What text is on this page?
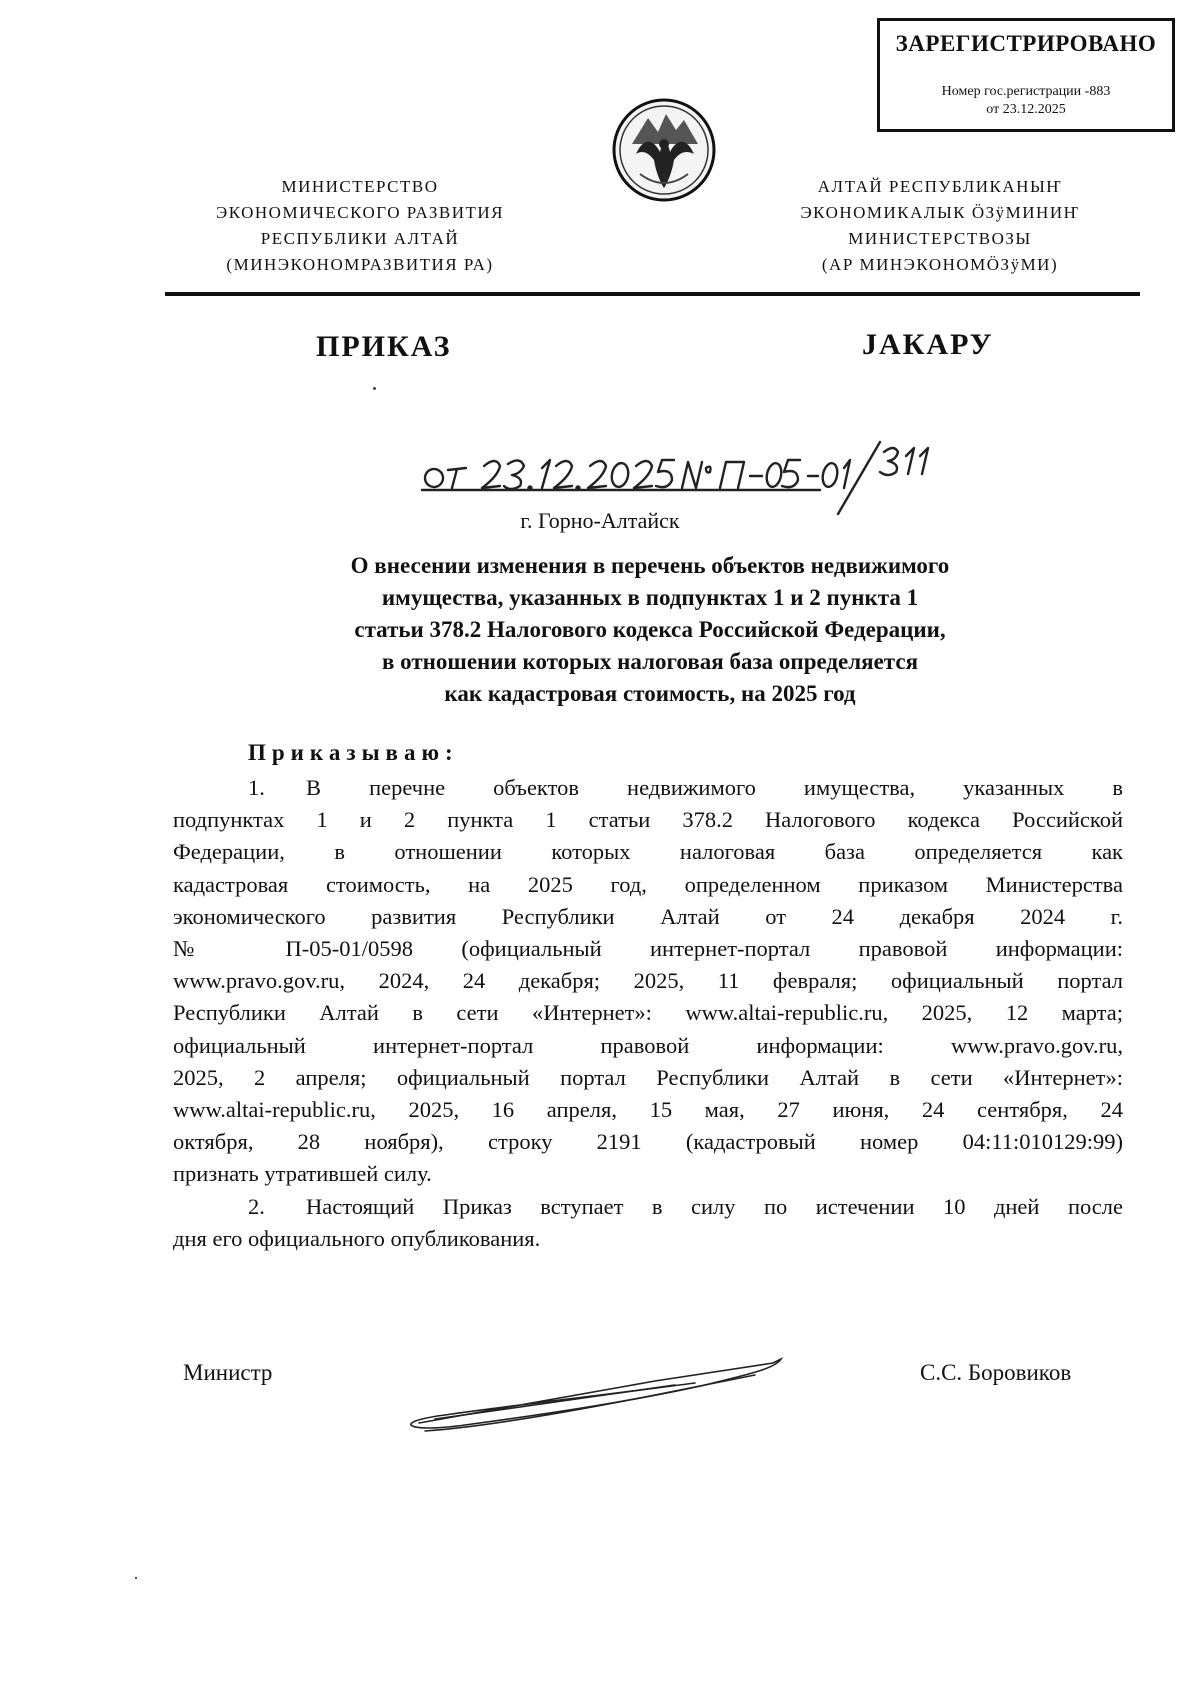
ЗАРЕГИСТРИРОВАНО
Номер гос.регистрации -883
от 23.12.2025
МИНИСТЕРСТВО
ЭКОНОМИЧЕСКОГО РАЗВИТИЯ
РЕСПУБЛИКИ АЛТАЙ
(МИНЭКОНОМРАЗВИТИЯ РА)
АЛТАЙ РЕСПУБЛИКАНЫҤ
ЭКОНОМИКАЛЫК ÖЗÿМИНИҤ
МИНИСТЕРСТВОЗЫ
(АР МИНЭКОНОМÖЗÿМИ)
ПРИКАЗ	ЈАКАРУ
г. Горно-Алтайск
О внесении изменения в перечень объектов недвижимого
имущества, указанных в подпунктах 1 и 2 пункта 1
статьи 378.2 Налогового кодекса Российской Федерации,
в отношении которых налоговая база определяется
как кадастровая стоимость, на 2025 год
Приказываю:
1. В перечне объектов недвижимого имущества, указанных в
подпунктах 1 и 2 пункта 1 статьи 378.2 Налогового кодекса Российской
Федерации, в отношении которых налоговая база определяется как
кадастровая стоимость, на 2025 год, определенном приказом Министерства
экономического развития Республики Алтай от 24 декабря 2024 г.
№ П-05-01/0598 (официальный интернет-портал правовой информации:
www.pravo.gov.ru, 2024, 24 декабря; 2025, 11 февраля; официальный портал
Республики Алтай в сети «Интернет»: www.altai-republic.ru, 2025, 12 марта;
официальный интернет-портал правовой информации: www.pravo.gov.ru,
2025, 2 апреля; официальный портал Республики Алтай в сети «Интернет»:
www.altai-republic.ru, 2025, 16 апреля, 15 мая, 27 июня, 24 сентября, 24
октября, 28 ноября), строку 2191 (кадастровый номер 04:11:010129:99)
признать утратившей силу.
2. Настоящий Приказ вступает в силу по истечении 10 дней после
дня его официального опубликования.
Министр	С.С. Боровиков
